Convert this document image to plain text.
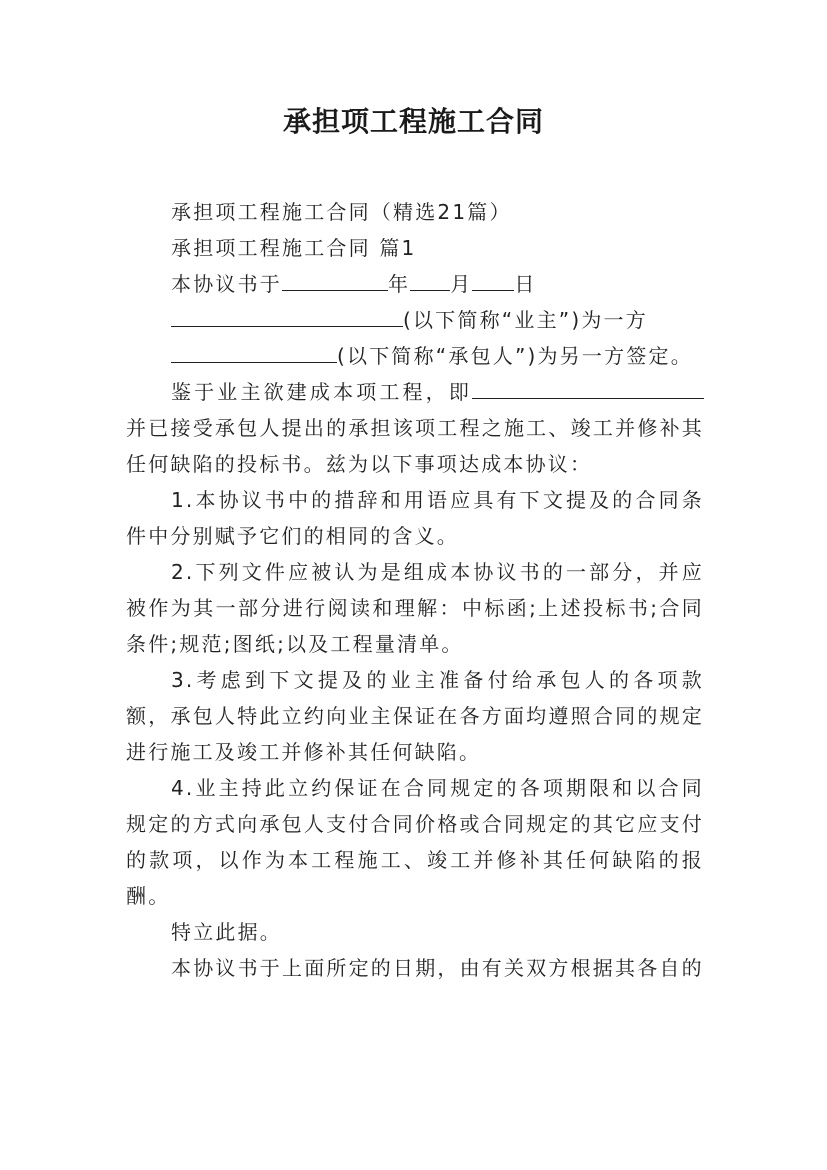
承担项工程施工合同

承担项工程施工合同（精选21篇）

承担项工程施工合同 篇1

本协议书于	年 月 日

(以下简称“业主”)为一方

(以下简称“承包人”)为另一方签定。

鉴于业主欲建成本项工程，即并已接受承包人提出的承担该项工程之施工、竣工并修补其任何缺陷的投标书。兹为以下事项达成本协议：

1.本协议书中的措辞和用语应具有下文提及的合同条件中分别赋予它们的相同的含义。

2.下列文件应被认为是组成本协议书的一部分，并应被作为其一部分进行阅读和理解：中标函;上述投标书;合同条件;规范;图纸;以及工程量清单。

3.考虑到下文提及的业主准备付给承包人的各项款额，承包人特此立约向业主保证在各方面均遵照合同的规定进行施工及竣工并修补其任何缺陷。

4.业主持此立约保证在合同规定的各项期限和以合同规定的方式向承包人支付合同价格或合同规定的其它应支付的款项，以作为本工程施工、竣工并修补其任何缺陷的报酬。

特立此据。

本协议书于上面所定的日期，由有关双方根据其各自的
